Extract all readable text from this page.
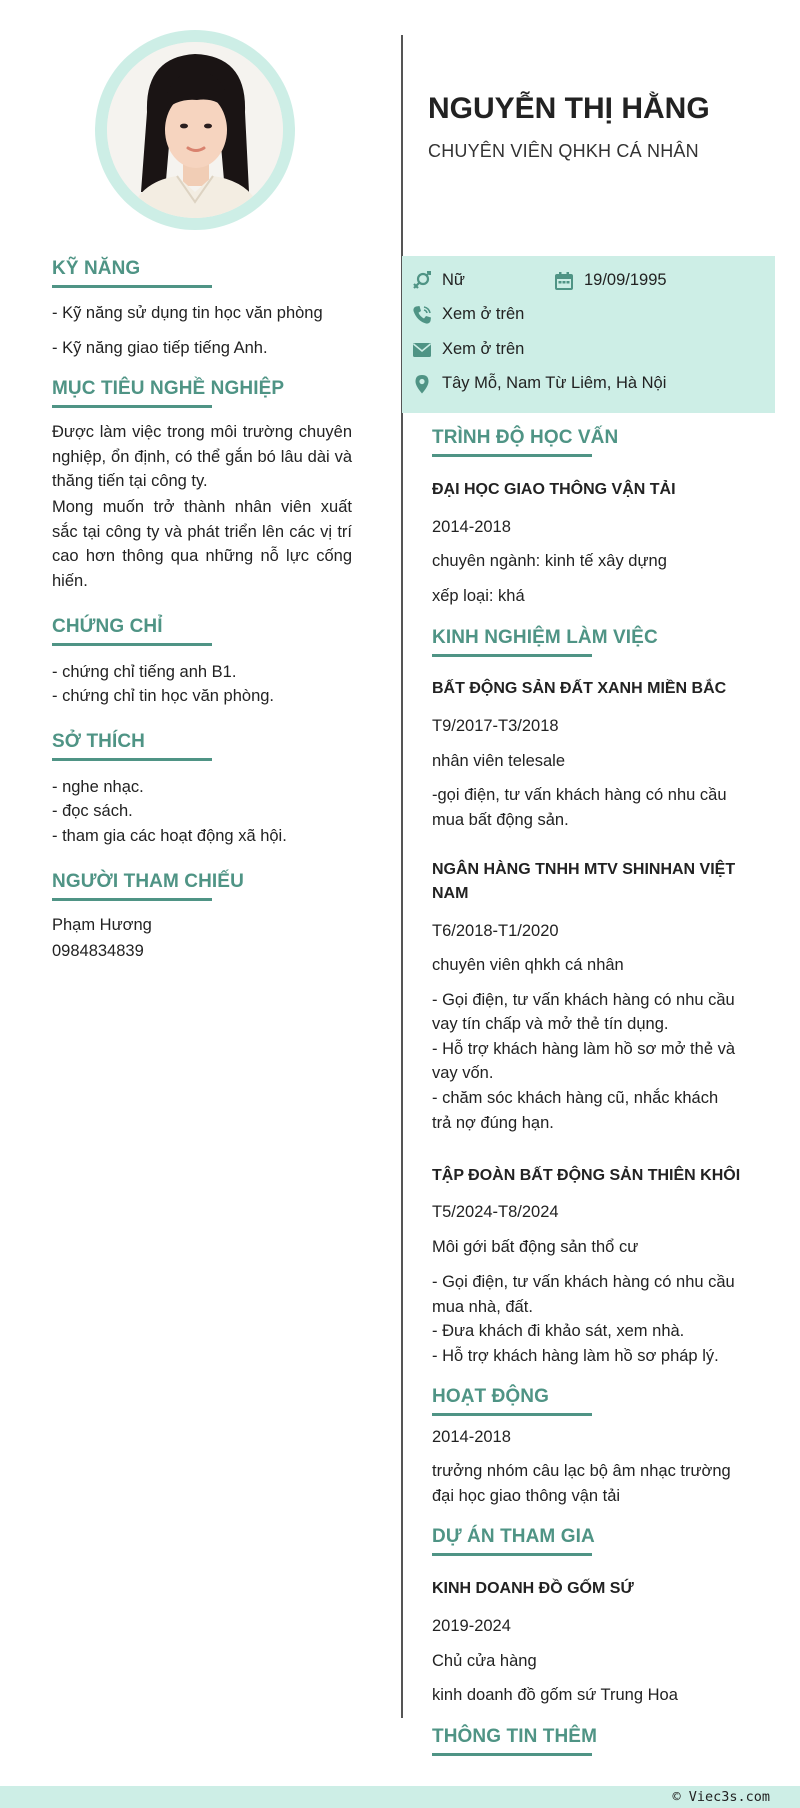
NGUYỄN THỊ HẰNG
CHUYÊN VIÊN QHKH CÁ NHÂN
Nữ	19/09/1995
Xem ở trên
Xem ở trên
Tây Mỗ, Nam Từ Liêm, Hà Nội
KỸ NĂNG
- Kỹ năng sử dụng tin học văn phòng
- Kỹ năng giao tiếp tiếng Anh.
MỤC TIÊU NGHỀ NGHIỆP
Được làm việc trong môi trường chuyên nghiệp, ổn định, có thể gắn bó lâu dài và thăng tiến tại công ty.
Mong muốn trở thành nhân viên xuất sắc tại công ty và phát triển lên các vị trí cao hơn thông qua những nỗ lực cống hiến.
CHỨNG CHỈ
- chứng chỉ tiếng anh B1.
- chứng chỉ tin học văn phòng.
SỞ THÍCH
- nghe nhạc.
- đọc sách.
- tham gia các hoạt động xã hội.
NGƯỜI THAM CHIẾU
Phạm Hương
0984834839
TRÌNH ĐỘ HỌC VẤN
ĐẠI HỌC GIAO THÔNG VẬN TẢI
2014-2018
chuyên ngành: kinh tế xây dựng
xếp loại: khá
KINH NGHIỆM LÀM VIỆC
BẤT ĐỘNG SẢN ĐẤT XANH MIỀN BẮC
T9/2017-T3/2018
nhân viên telesale
-gọi điện, tư vấn khách hàng có nhu cầu
mua bất động sản.
NGÂN HÀNG TNHH MTV SHINHAN VIỆT
NAM
T6/2018-T1/2020
chuyên viên qhkh cá nhân
- Gọi điện, tư vấn khách hàng có nhu cầu
vay tín chấp và mở thẻ tín dụng.
- Hỗ trợ khách hàng làm hồ sơ mở thẻ và
vay vốn.
- chăm sóc khách hàng cũ, nhắc khách
trả nợ đúng hạn.
TẬP ĐOÀN BẤT ĐỘNG SẢN THIÊN KHÔI
T5/2024-T8/2024
Môi gới bất động sản thổ cư
- Gọi điện, tư vấn khách hàng có nhu cầu
mua nhà, đất.
- Đưa khách đi khảo sát, xem nhà.
- Hỗ trợ khách hàng làm hồ sơ pháp lý.
HOẠT ĐỘNG
2014-2018
trưởng nhóm câu lạc bộ âm nhạc trường
đại học giao thông vận tải
DỰ ÁN THAM GIA
KINH DOANH ĐỒ GỐM SỨ
2019-2024
Chủ cửa hàng
kinh doanh đồ gốm sứ Trung Hoa
THÔNG TIN THÊM
© Viec3s.com
